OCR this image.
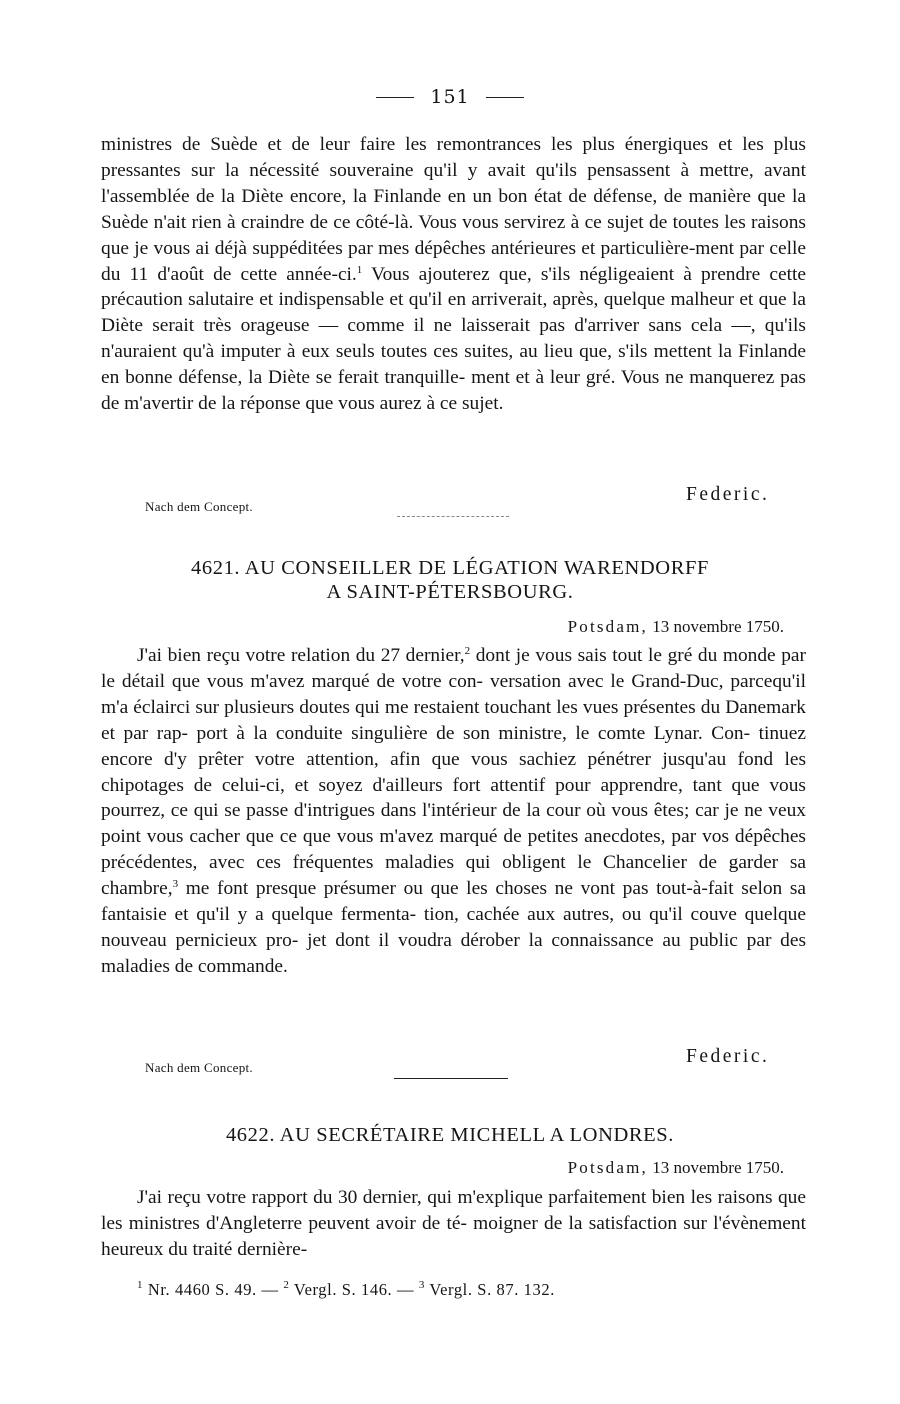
151

ministres de Suède et de leur faire les remontrances les plus énergiques et les plus pressantes sur la nécessité souveraine qu'il y avait qu'ils pensassent à mettre, avant l'assemblée de la Diète encore, la Finlande en un bon état de défense, de manière que la Suède n'ait rien à craindre de ce côté-là. Vous vous servirez à ce sujet de toutes les raisons que je vous ai déjà suppéditées par mes dépêches antérieures et particulière-ment par celle du 11 d'août de cette année-ci.$^1$ Vous ajouterez que, s'ils négligeaient à prendre cette précaution salutaire et indispensable et qu'il en arriverait, après, quelque malheur et que la Diète serait très orageuse — comme il ne laisserait pas d'arriver sans cela —, qu'ils n'auraient qu'à imputer à eux seuls toutes ces suites, au lieu que, s'ils mettent la Finlande en bonne défense, la Diète se ferait tranquille- ment et à leur gré. Vous ne manquerez pas de m'avertir de la réponse que vous aurez à ce sujet.

Nach dem Concept.
Federic.
4621. AU CONSEILLER DE LÉGATION WARENDORFF
A SAINT-PÉTERSBOURG.
Potsdam, 13 novembre 1750.

J'ai bien reçu votre relation du 27 dernier,$^2$ dont je vous sais tout le gré du monde par le détail que vous m'avez marqué de votre con- versation avec le Grand-Duc, parcequ'il m'a éclairci sur plusieurs doutes qui me restaient touchant les vues présentes du Danemark et par rap- port à la conduite singulière de son ministre, le comte Lynar. Con- tinuez encore d'y prêter votre attention, afin que vous sachiez pénétrer jusqu'au fond les chipotages de celui-ci, et soyez d'ailleurs fort attentif pour apprendre, tant que vous pourrez, ce qui se passe d'intrigues dans l'intérieur de la cour où vous êtes; car je ne veux point vous cacher que ce que vous m'avez marqué de petites anecdotes, par vos dépêches précédentes, avec ces fréquentes maladies qui obligent le Chancelier de garder sa chambre,$^3$ me font presque présumer ou que les choses ne vont pas tout-à-fait selon sa fantaisie et qu'il y a quelque fermenta- tion, cachée aux autres, ou qu'il couve quelque nouveau pernicieux pro- jet dont il voudra dérober la connaissance au public par des maladies de commande.

Nach dem Concept.
Federic.
4622. AU SECRÉTAIRE MICHELL A LONDRES.
Potsdam, 13 novembre 1750.

J'ai reçu votre rapport du 30 dernier, qui m'explique parfaitement bien les raisons que les ministres d'Angleterre peuvent avoir de té- moigner de la satisfaction sur l'évènement heureux du traité dernière-

$^1$ Nr. 4460 S. 49. — $^2$ Vergl. S. 146. — $^3$ Vergl. S. 87. 132.
